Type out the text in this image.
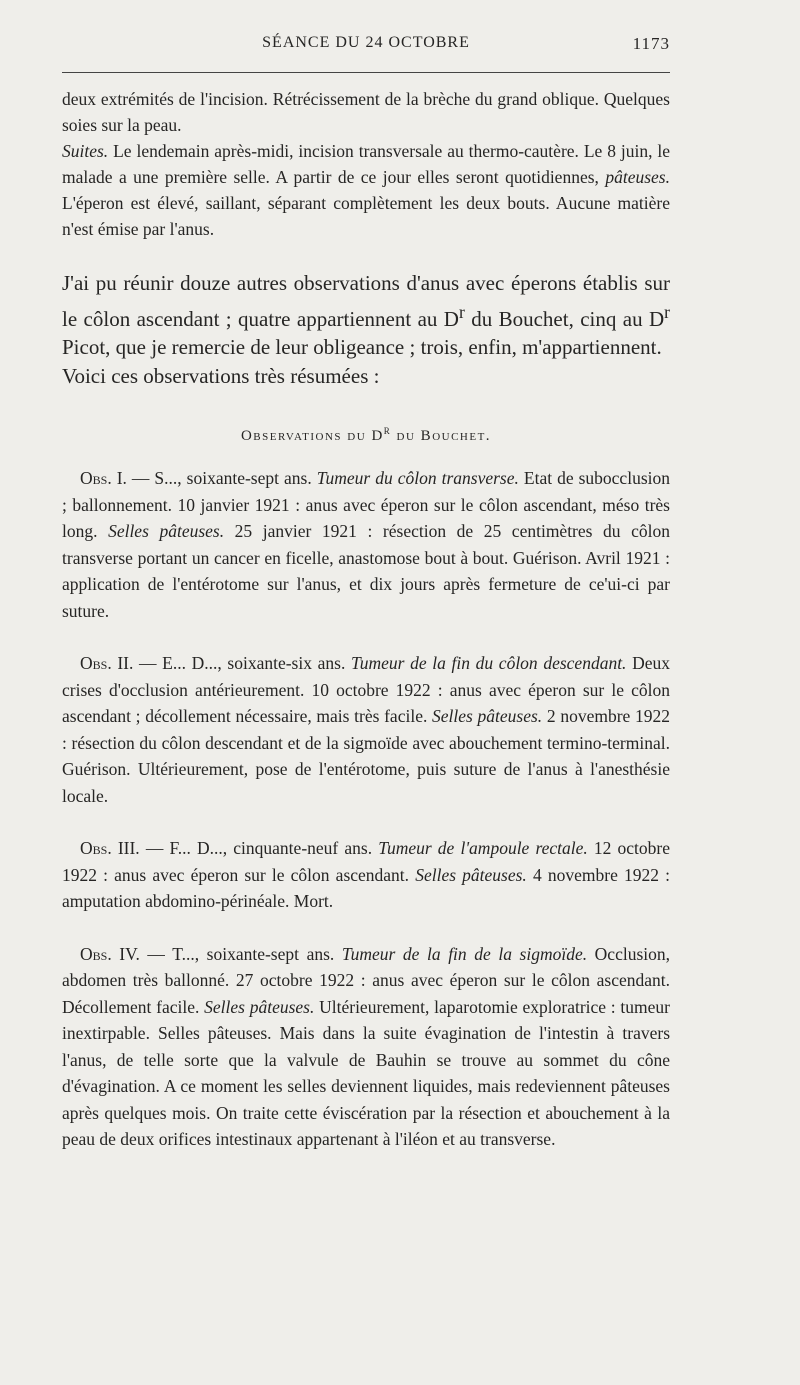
SÉANCE DU 24 OCTOBRE	1173

deux extrémités de l'incision. Rétrécissement de la brèche du grand oblique. Quelques soies sur la peau.

Suites. Le lendemain après-midi, incision transversale au thermo-cautère. Le 8 juin, le malade a une première selle. A partir de ce jour elles seront quotidiennes, pâteuses. L'éperon est élevé, saillant, séparant complètement les deux bouts. Aucune matière n'est émise par l'anus.

J'ai pu réunir douze autres observations d'anus avec éperons établis sur le côlon ascendant ; quatre appartiennent au $D^r$ du Bouchet, cinq au $D^r$ Picot, que je remercie de leur obligeance ; trois, enfin, m'appartiennent.

Voici ces observations très résumées :

Observations du $D^r$ du Bouchet.

Obs. I. — S..., soixante-sept ans. Tumeur du côlon transverse. Etat de subocclusion ; ballonnement. 10 janvier 1921 : anus avec éperon sur le côlon ascendant, méso très long. Selles pâteuses. 25 janvier 1921 : résection de 25 centimètres du côlon transverse portant un cancer en ficelle, anastomose bout à bout. Guérison. Avril 1921 : application de l'entérotome sur l'anus, et dix jours après fermeture de ce'ui-ci par suture.

Obs. II. — E... D..., soixante-six ans. Tumeur de la fin du côlon descendant. Deux crises d'occlusion antérieurement. 10 octobre 1922 : anus avec éperon sur le côlon ascendant ; décollement nécessaire, mais très facile. Selles pâteuses. 2 novembre 1922 : résection du côlon descendant et de la sigmoïde avec abouchement termino-terminal. Guérison. Ultérieurement, pose de l'entérotome, puis suture de l'anus à l'anesthésie locale.

Obs. III. — F... D..., cinquante-neuf ans. Tumeur de l'ampoule rectale. 12 octobre 1922 : anus avec éperon sur le côlon ascendant. Selles pâteuses. 4 novembre 1922 : amputation abdomino-périnéale. Mort.

Obs. IV. — T..., soixante-sept ans. Tumeur de la fin de la sigmoïde. Occlusion, abdomen très ballonné. 27 octobre 1922 : anus avec éperon sur le côlon ascendant. Décollement facile. Selles pâteuses. Ultérieurement, laparotomie exploratrice : tumeur inextirpable. Selles pâteuses. Mais dans la suite évagination de l'intestin à travers l'anus, de telle sorte que la valvule de Bauhin se trouve au sommet du cône d'évagination. A ce moment les selles deviennent liquides, mais redeviennent pâteuses après quelques mois. On traite cette éviscération par la résection et abouchement à la peau de deux orifices intestinaux appartenant à l'iléon et au transverse.
